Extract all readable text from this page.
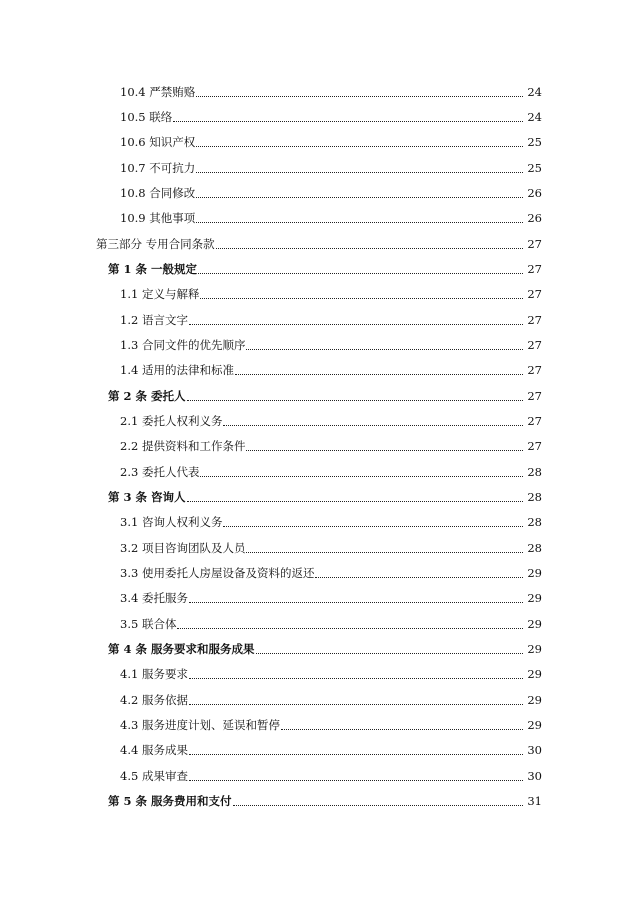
10.4 严禁贿赂	24
10.5 联络	24
10.6 知识产权	25
10.7 不可抗力	25
10.8 合同修改	26
10.9 其他事项	26
第三部分 专用合同条款	27
第 1 条 一般规定	27
1.1 定义与解释	27
1.2 语言文字	27
1.3 合同文件的优先顺序	27
1.4 适用的法律和标准	27
第 2 条 委托人	27
2.1 委托人权利义务	27
2.2 提供资料和工作条件	27
2.3 委托人代表	28
第 3 条 咨询人	28
3.1 咨询人权利义务	28
3.2 项目咨询团队及人员	28
3.3 使用委托人房屋设备及资料的返还	29
3.4 委托服务	29
3.5 联合体	29
第 4 条 服务要求和服务成果	29
4.1 服务要求	29
4.2 服务依据	29
4.3 服务进度计划、延误和暂停	29
4.4 服务成果	30
4.5 成果审查	30
第 5 条 服务费用和支付	31
